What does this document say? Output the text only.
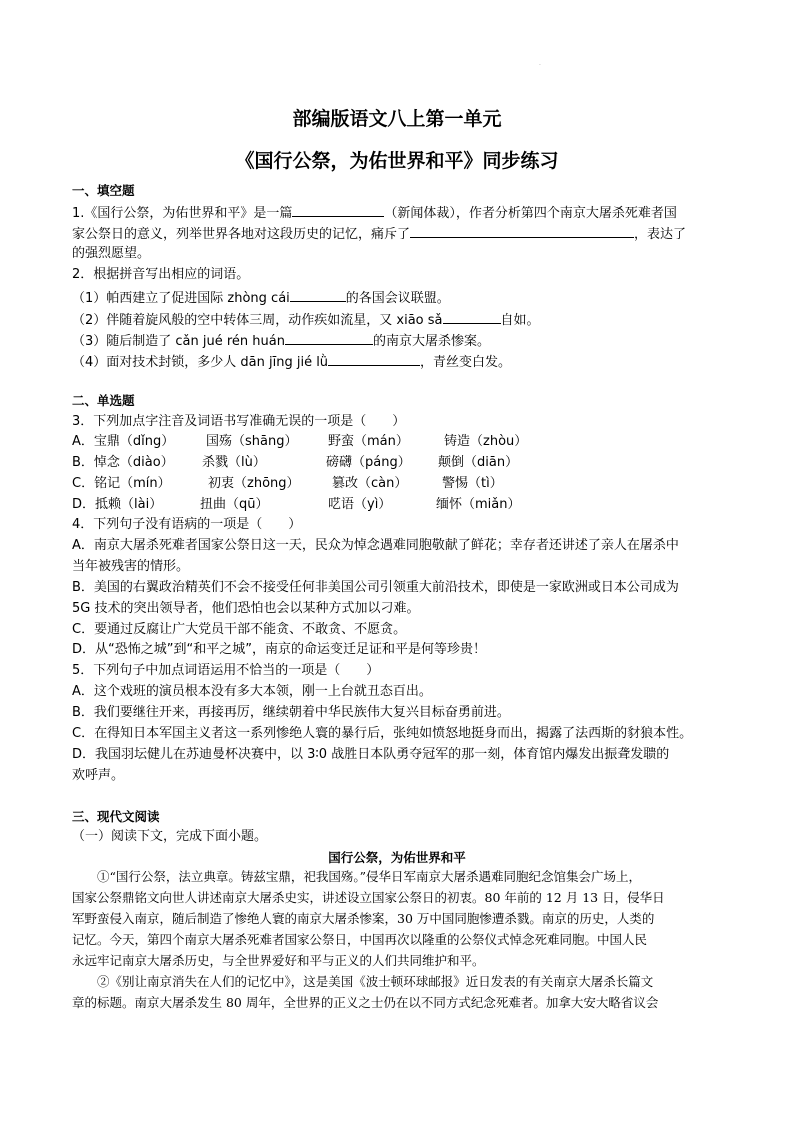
·
部编版语文八上第一单元
《国行公祭，为佑世界和平》同步练习
一、填空题
1.《国行公祭，为佑世界和平》是一篇	（新闻体裁），作者分析第四个南京大屠杀死难者国
家公祭日的意义，列举世界各地对这段历史的记忆，痛斥了	，表达了
的强烈愿望。
2．根据拼音写出相应的词语。
（1）帕西建立了促进国际 zhòng cái	的各国会议联盟。
（2）伴随着旋风般的空中转体三周，动作疾如流星，又 xiāo sǎ	自如。
（3）随后制造了 cǎn jué rén huán	的南京大屠杀惨案。
（4）面对技术封锁，多少人 dān jīng jié lǜ	，青丝变白发。
二、单选题
3．下列加点字注音及词语书写准确无误的一项是（　　）
A．宝鼎（dǐng） 国殇（shāng） 野蛮（mán）	铸造（zhòu）
B．悼念（diào） 杀戮（lù）	磅礴（páng） 颠倒（diān）
C．铭记（mín）	初衷（zhōng） 篡改（càn）	警惕（tì）
D．抵赖（lài）	扭曲（qū）	呓语（yì）	缅怀（miǎn）
4．下列句子没有语病的一项是（　　）
A．南京大屠杀死难者国家公祭日这一天，民众为悼念遇难同胞敬献了鲜花；幸存者还讲述了亲人在屠杀中
当年被残害的情形。
B．美国的右翼政治精英们不会不接受任何非美国公司引领重大前沿技术，即使是一家欧洲或日本公司成为
5G 技术的突出领导者，他们恐怕也会以某种方式加以刁难。
C．要通过反腐让广大党员干部不能贪、不敢贪、不愿贪。
D．从“恐怖之城”到“和平之城”，南京的命运变迁足证和平是何等珍贵！
5．下列句子中加点词语运用不恰当的一项是（　　）
A．这个戏班的演员根本没有多大本领，刚一上台就丑态百出。
B．我们要继往开来，再接再厉，继续朝着中华民族伟大复兴目标奋勇前进。
C．在得知日本军国主义者这一系列惨绝人寰的暴行后，张纯如愤怒地挺身而出，揭露了法西斯的豺狼本性。
D．我国羽坛健儿在苏迪曼杯决赛中，以 3∶0 战胜日本队勇夺冠军的那一刻，体育馆内爆发出振聋发聩的
欢呼声。
三、现代文阅读
（一）阅读下文，完成下面小题。
国行公祭，为佑世界和平
　　①“国行公祭，法立典章。铸兹宝鼎，祀我国殇。”侵华日军南京大屠杀遇难同胞纪念馆集会广场上，
国家公祭鼎铭文向世人讲述南京大屠杀史实，讲述设立国家公祭日的初衷。80 年前的 12 月 13 日，侵华日
军野蛮侵入南京，随后制造了惨绝人寰的南京大屠杀惨案，30 万中国同胞惨遭杀戮。南京的历史，人类的
记忆。今天，第四个南京大屠杀死难者国家公祭日，中国再次以隆重的公祭仪式悼念死难同胞。中国人民
永远牢记南京大屠杀历史，与全世界爱好和平与正义的人们共同维护和平。
　　②《别让南京消失在人们的记忆中》，这是美国《波士顿环球邮报》近日发表的有关南京大屠杀长篇文
章的标题。南京大屠杀发生 80 周年，全世界的正义之士仍在以不同方式纪念死难者。加拿大安大略省议会
